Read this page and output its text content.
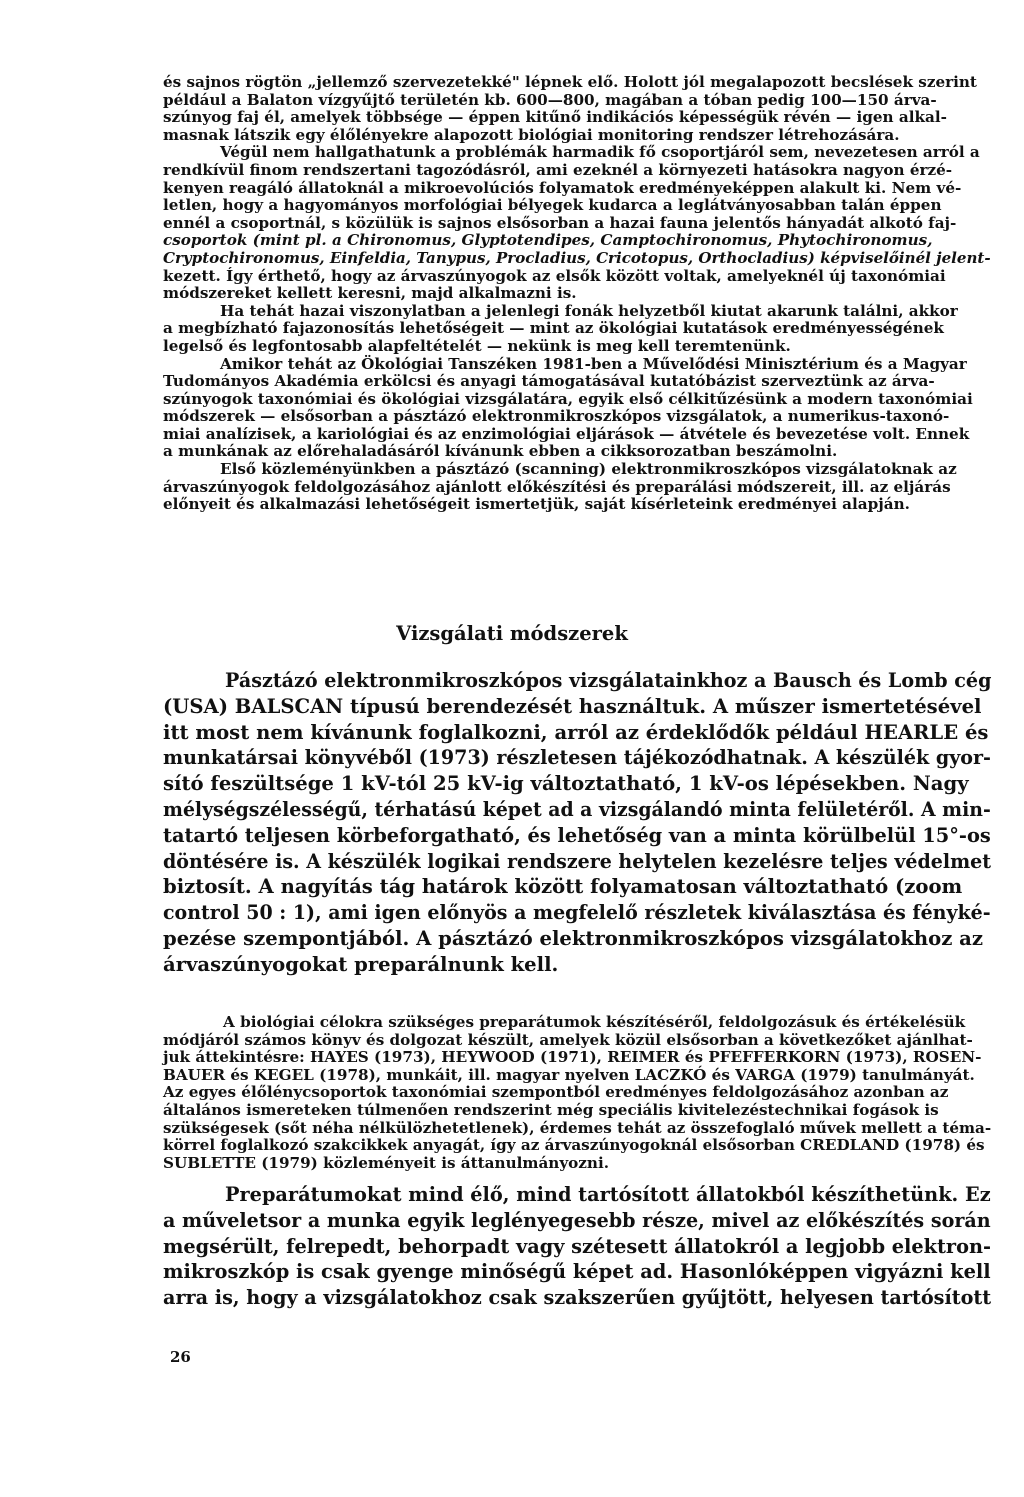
és sajnos rögtön „jellemző szervezetekké" lépnek elő. Holott jól megalapozott becslések szerint
például a Balaton vízgyűjtő területén kb. 600—800, magában a tóban pedig 100—150 árva-
szúnyog faj él, amelyek többsége — éppen kitűnő indikációs képességük révén — igen alkal-
masnak látszik egy élőlényekre alapozott biológiai monitoring rendszer létrehozására.
Végül nem hallgathatunk a problémák harmadik fő csoportjáról sem, nevezetesen arról a
rendkívül finom rendszertani tagozódásról, ami ezeknél a környezeti hatásokra nagyon érzé-
kenyen reagáló állatoknál a mikroevolúciós folyamatok eredményeképpen alakult ki. Nem vé-
letlen, hogy a hagyományos morfológiai bélyegek kudarca a leglátványosabban talán éppen
ennél a csoportnál, s közülük is sajnos elsősorban a hazai fauna jelentős hányadát alkotó faj-
csoportok (mint pl. a Chironomus, Glyptotendipes, Camptochironomus, Phytochironomus,
Cryptochironomus, Einfeldia, Tanypus, Procladius, Cricotopus, Orthocladius) képviselőinél jelent-
kezett. Így érthető, hogy az árvaszúnyogok az elsők között voltak, amelyeknél új taxonómiai
módszereket kellett keresni, majd alkalmazni is.
Ha tehát hazai viszonylatban a jelenlegi fonák helyzetből kiutat akarunk találni, akkor
a megbízható fajazonosítás lehetőségeit — mint az ökológiai kutatások eredményességének
legelső és legfontosabb alapfeltételét — nekünk is meg kell teremtenünk.
Amikor tehát az Ökológiai Tanszéken 1981-ben a Művelődési Minisztérium és a Magyar
Tudományos Akadémia erkölcsi és anyagi támogatásával kutatóbázist szerveztünk az árva-
szúnyogok taxonómiai és ökológiai vizsgálatára, egyik első célkitűzésünk a modern taxonómiai
módszerek — elsősorban a pásztázó elektronmikroszkópos vizsgálatok, a numerikus-taxonó-
miai analízisek, a kariológiai és az enzimológiai eljárások — átvétele és bevezetése volt. Ennek
a munkának az előrehaladásáról kívánunk ebben a cikksorozatban beszámolni.
Első közleményünkben a pásztázó (scanning) elektronmikroszkópos vizsgálatoknak az
árvaszúnyogok feldolgozásához ajánlott előkészítési és preparálási módszereit, ill. az eljárás
előnyeit és alkalmazási lehetőségeit ismertetjük, saját kísérleteink eredményei alapján.
Vizsgálati módszerek
Pásztázó elektronmikroszkópos vizsgálatainkhoz a Bausch és Lomb cég
(USA) BALSCAN típusú berendezését használtuk. A műszer ismertetésével
itt most nem kívánunk foglalkozni, arról az érdeklődők például HEARLE és
munkatársai könyvéből (1973) részletesen tájékozódhatnak. A készülék gyor-
sító feszültsége 1 kV-tól 25 kV-ig változtatható, 1 kV-os lépésekben. Nagy
mélységszélességű, térhatású képet ad a vizsgálandó minta felületéről. A min-
tatartó teljesen körbeforgatható, és lehetőség van a minta körülbelül 15°-os
döntésére is. A készülék logikai rendszere helytelen kezelésre teljes védelmet
biztosít. A nagyítás tág határok között folyamatosan változtatható (zoom
control 50 : 1), ami igen előnyös a megfelelő részletek kiválasztása és fényké-
pezése szempontjából. A pásztázó elektronmikroszkópos vizsgálatokhoz az
árvaszúnyogokat preparálnunk kell.
A biológiai célokra szükséges preparátumok készítéséről, feldolgozásuk és értékelésük
módjáról számos könyv és dolgozat készült, amelyek közül elsősorban a következőket ajánlhat-
juk áttekintésre: HAYES (1973), HEYWOOD (1971), REIMER és PFEFFERKORN (1973), ROSEN-
BAUER és KEGEL (1978), munkáit, ill. magyar nyelven LACZKÓ és VARGA (1979) tanulmányát.
Az egyes élőlénycsoportok taxonómiai szempontból eredményes feldolgozásához azonban az
általános ismereteken túlmenően rendszerint még speciális kivitelezéstechnikai fogások is
szükségesek (sőt néha nélkülözhetetlenek), érdemes tehát az összefoglaló művek mellett a téma-
körrel foglalkozó szakcikkek anyagát, így az árvaszúnyogoknál elsősorban CREDLAND (1978) és
SUBLETTE (1979) közleményeit is áttanulmányozni.
Preparátumokat mind élő, mind tartósított állatokból készíthetünk. Ez
a műveletsor a munka egyik leglényegesebb része, mivel az előkészítés során
megsérült, felrepedt, behorpadt vagy szétesett állatokról a legjobb elektron-
mikroszkóp is csak gyenge minőségű képet ad. Hasonlóképpen vigyázni kell
arra is, hogy a vizsgálatokhoz csak szakszerűen gyűjtött, helyesen tartósított

26
